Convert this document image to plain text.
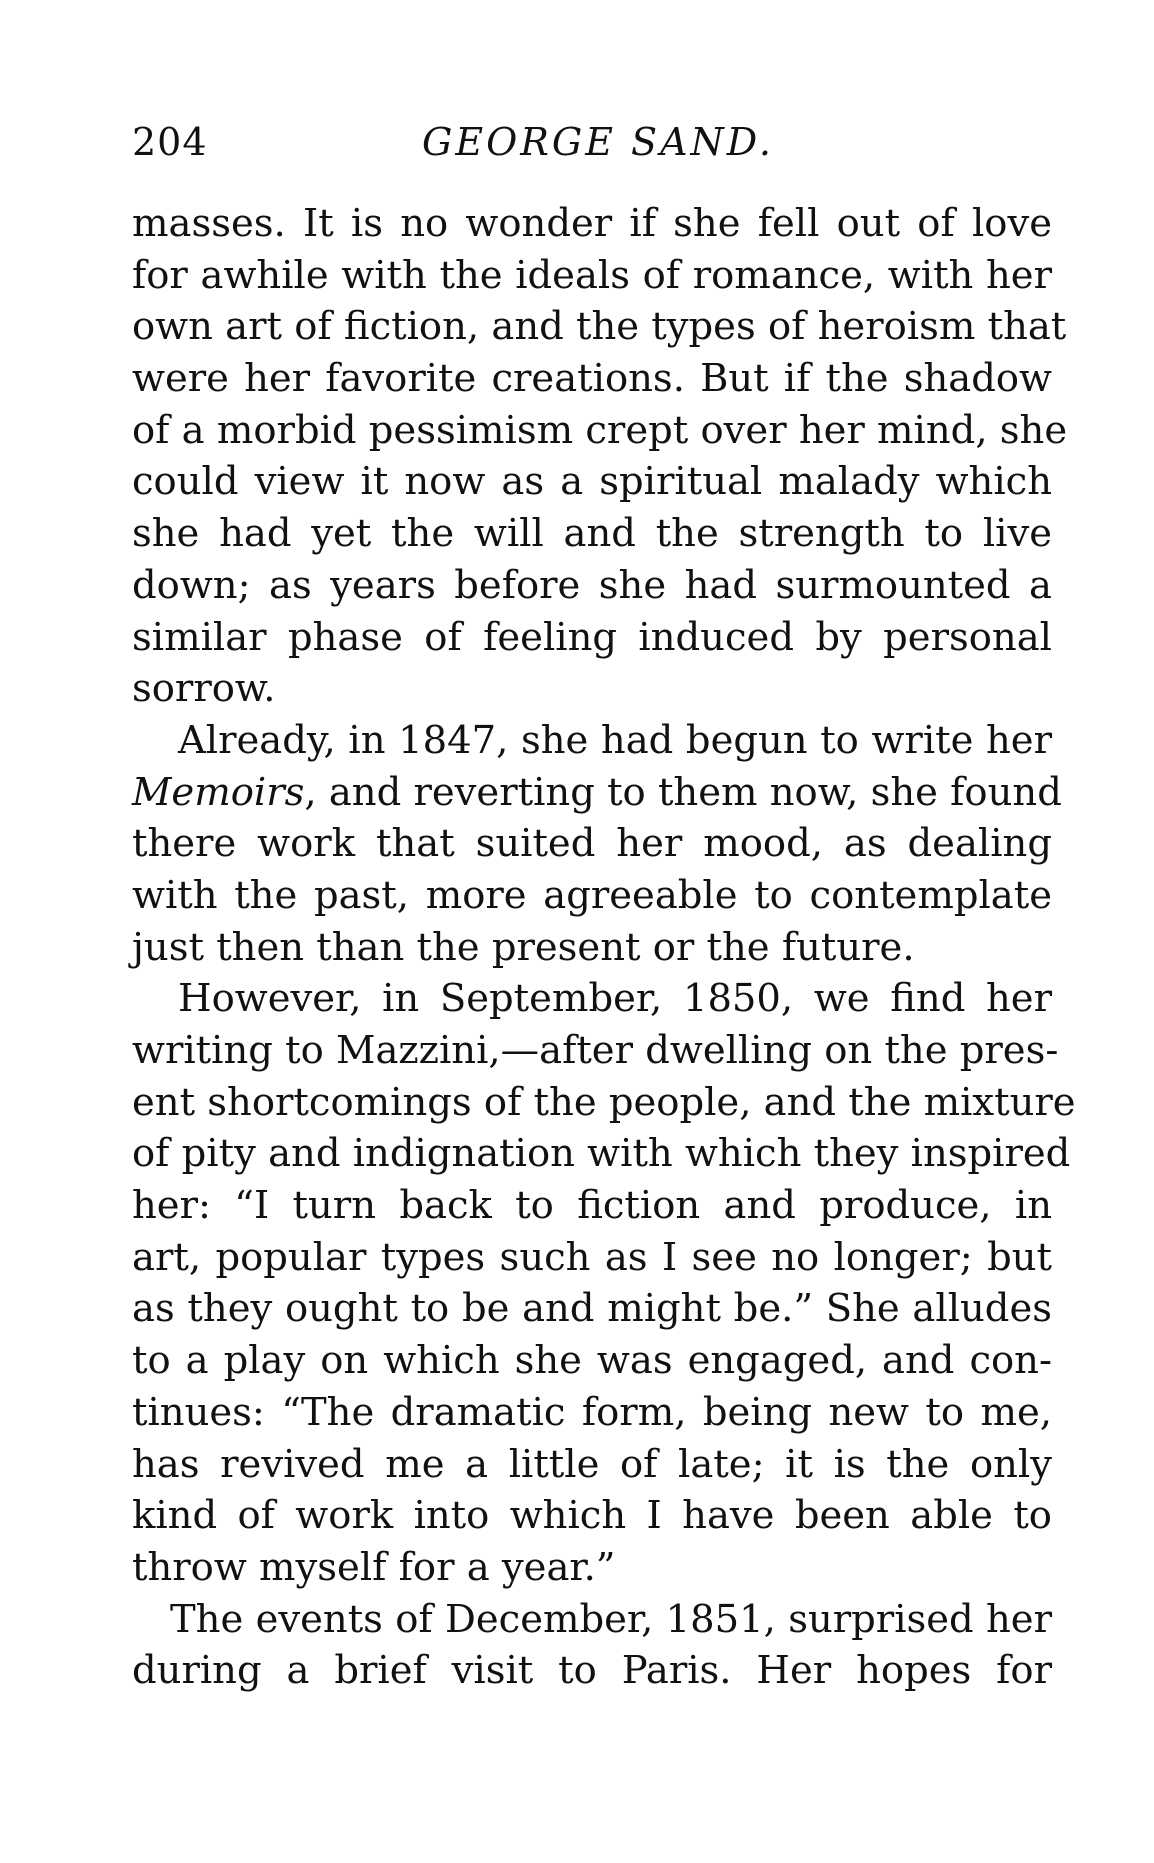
204	GEORGE SAND.
masses. It is no wonder if she fell out of love
for awhile with the ideals of romance, with her
own art of fiction, and the types of heroism that
were her favorite creations. But if the shadow
of a morbid pessimism crept over her mind, she
could view it now as a spiritual malady which
she had yet the will and the strength to live
down; as years before she had surmounted a
similar phase of feeling induced by personal
sorrow.
Already, in 1847, she had begun to write her
Memoirs, and reverting to them now, she found
there work that suited her mood, as dealing
with the past, more agreeable to contemplate
just then than the present or the future.
However, in September, 1850, we find her
writing to Mazzini,—after dwelling on the pres-
ent shortcomings of the people, and the mixture
of pity and indignation with which they inspired
her: “I turn back to fiction and produce, in
art, popular types such as I see no longer; but
as they ought to be and might be.” She alludes
to a play on which she was engaged, and con-
tinues: “The dramatic form, being new to me,
has revived me a little of late; it is the only
kind of work into which I have been able to
throw myself for a year.”
The events of December, 1851, surprised her
during a brief visit to Paris. Her hopes for
